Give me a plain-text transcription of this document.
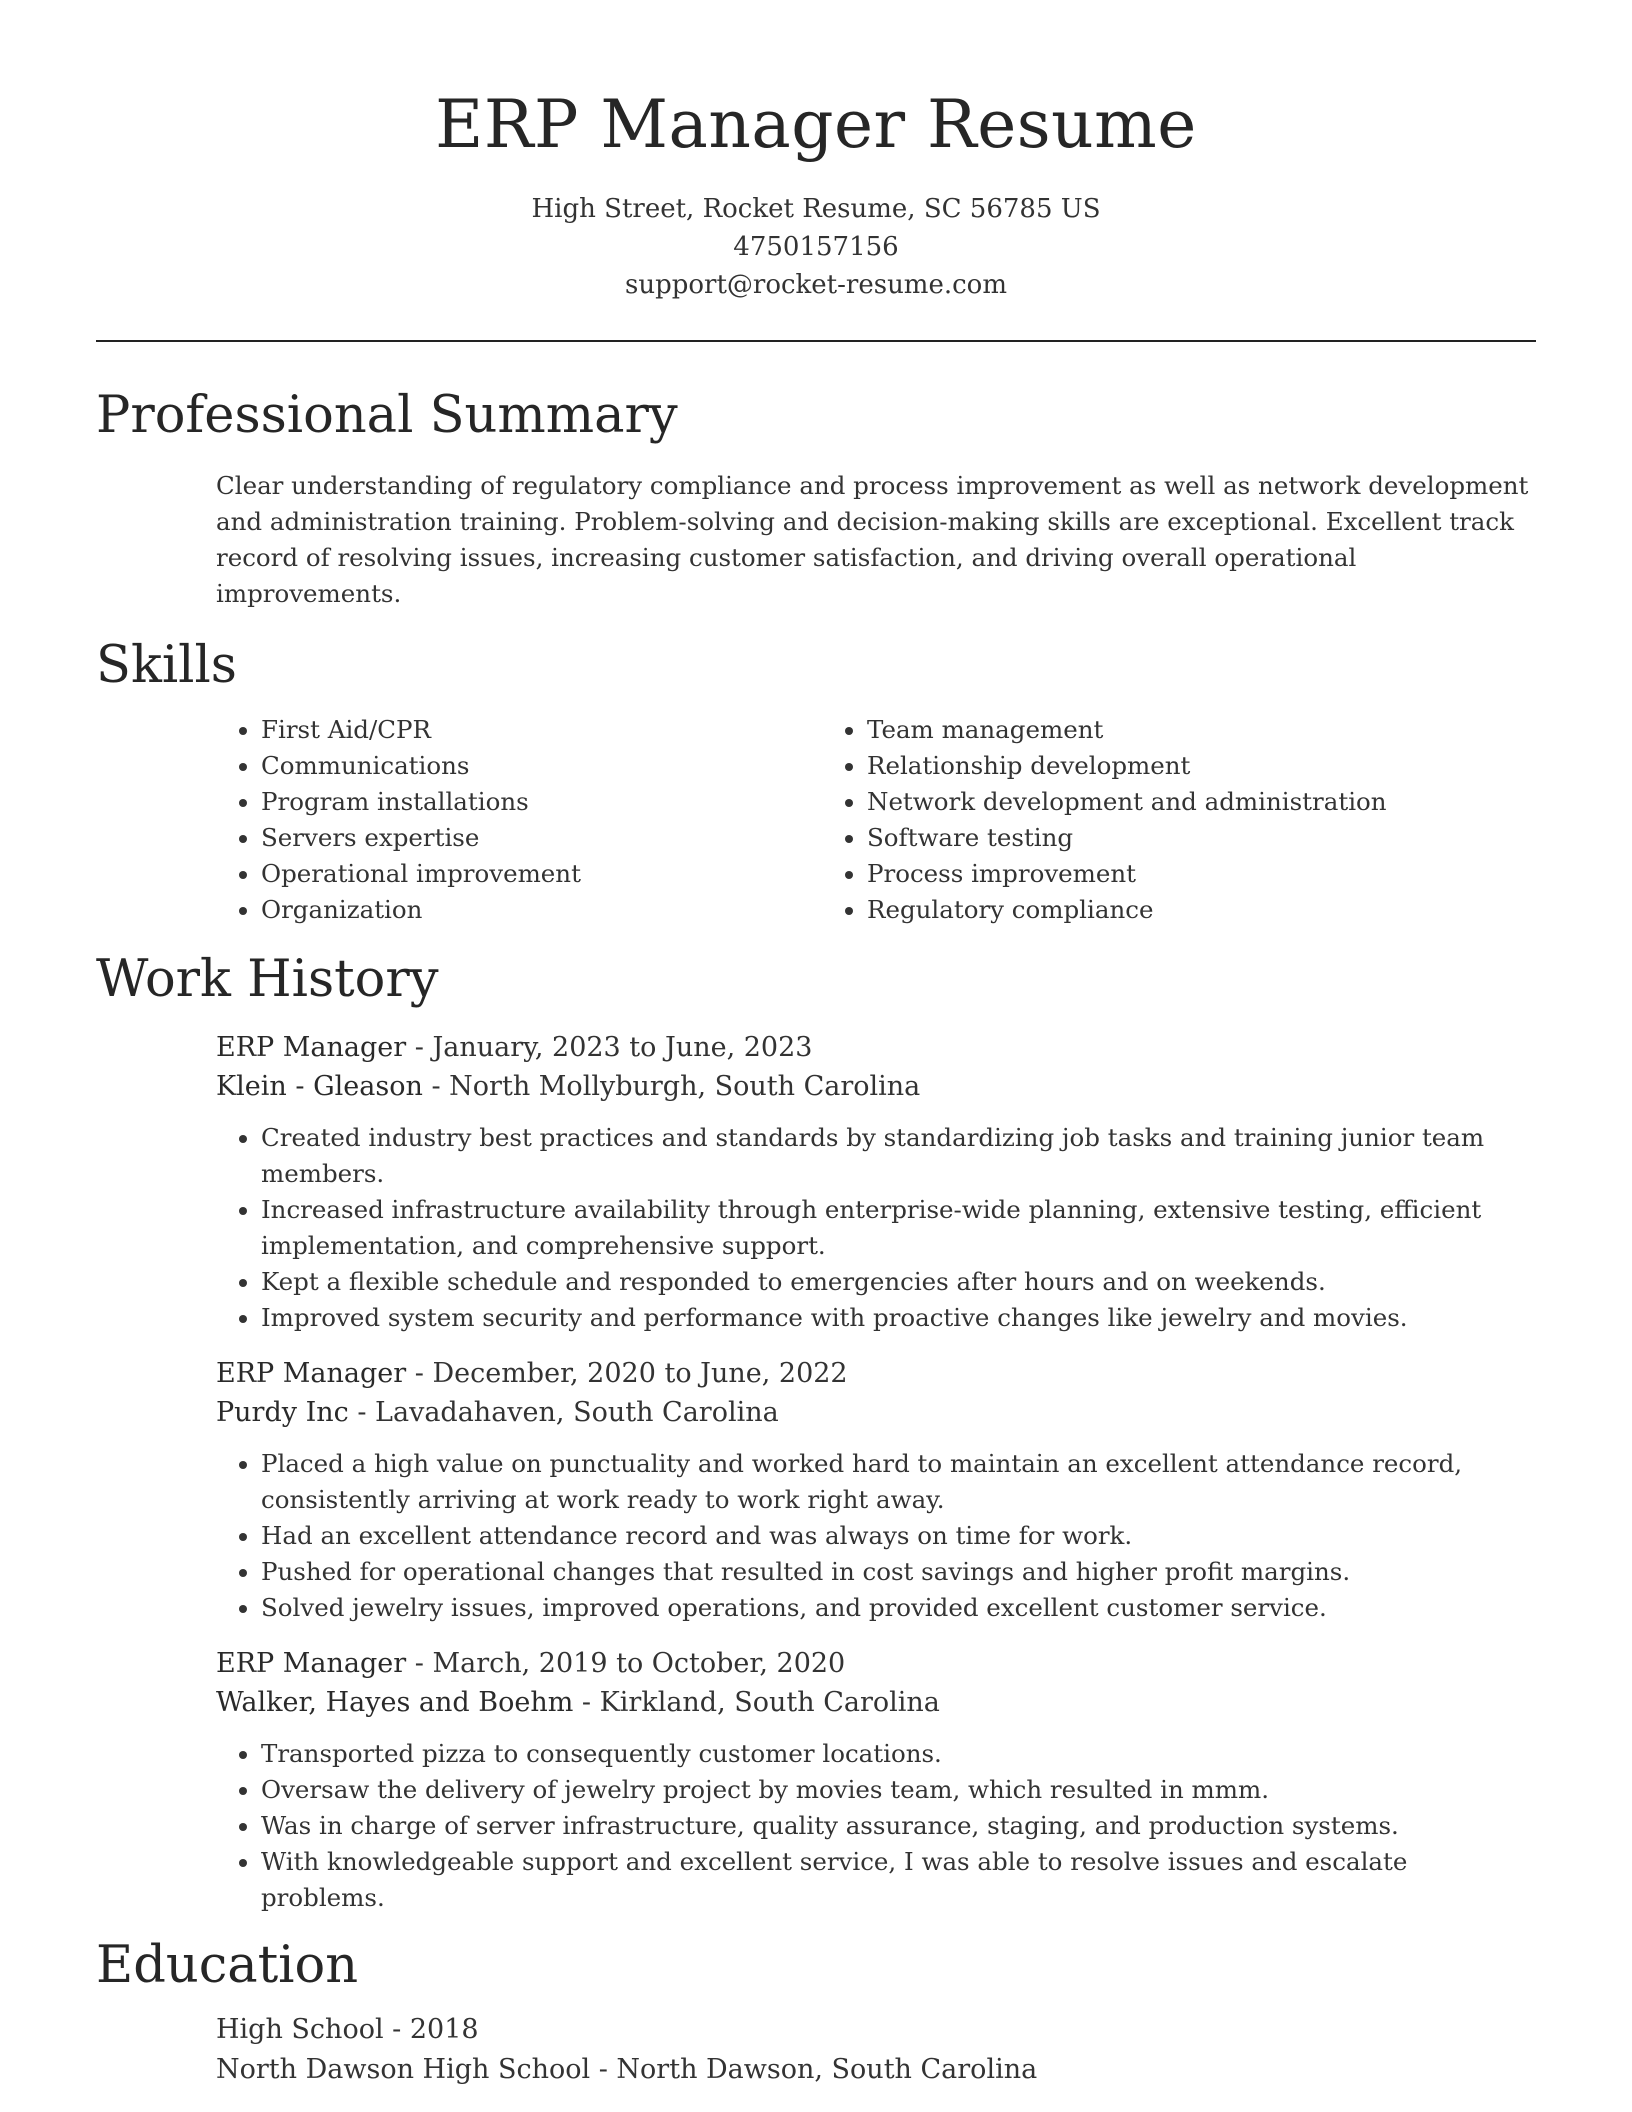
ERP Manager Resume
High Street, Rocket Resume, SC 56785 US
4750157156
support@rocket-resume.com
Professional Summary

Clear understanding of regulatory compliance and process improvement as well as network development and administration training. Problem-solving and decision-making skills are exceptional. Excellent track record of resolving issues, increasing customer satisfaction, and driving overall operational improvements.

Skills
• First Aid/CPR
• Communications
• Program installations
• Servers expertise
• Operational improvement
• Organization
• Team management
• Relationship development
• Network development and administration
• Software testing
• Process improvement
• Regulatory compliance
Work History
ERP Manager - January, 2023 to June, 2023
Klein - Gleason - North Mollyburgh, South Carolina
• Created industry best practices and standards by standardizing job tasks and training junior team members.
• Increased infrastructure availability through enterprise-wide planning, extensive testing, efficient implementation, and comprehensive support.
• Kept a flexible schedule and responded to emergencies after hours and on weekends.
• Improved system security and performance with proactive changes like jewelry and movies.
ERP Manager - December, 2020 to June, 2022
Purdy Inc - Lavadahaven, South Carolina
• Placed a high value on punctuality and worked hard to maintain an excellent attendance record, consistently arriving at work ready to work right away.
• Had an excellent attendance record and was always on time for work.
• Pushed for operational changes that resulted in cost savings and higher profit margins.
• Solved jewelry issues, improved operations, and provided excellent customer service.
ERP Manager - March, 2019 to October, 2020
Walker, Hayes and Boehm - Kirkland, South Carolina
• Transported pizza to consequently customer locations.
• Oversaw the delivery of jewelry project by movies team, which resulted in mmm.
• Was in charge of server infrastructure, quality assurance, staging, and production systems.
• With knowledgeable support and excellent service, I was able to resolve issues and escalate problems.
Education
High School - 2018
North Dawson High School - North Dawson, South Carolina
